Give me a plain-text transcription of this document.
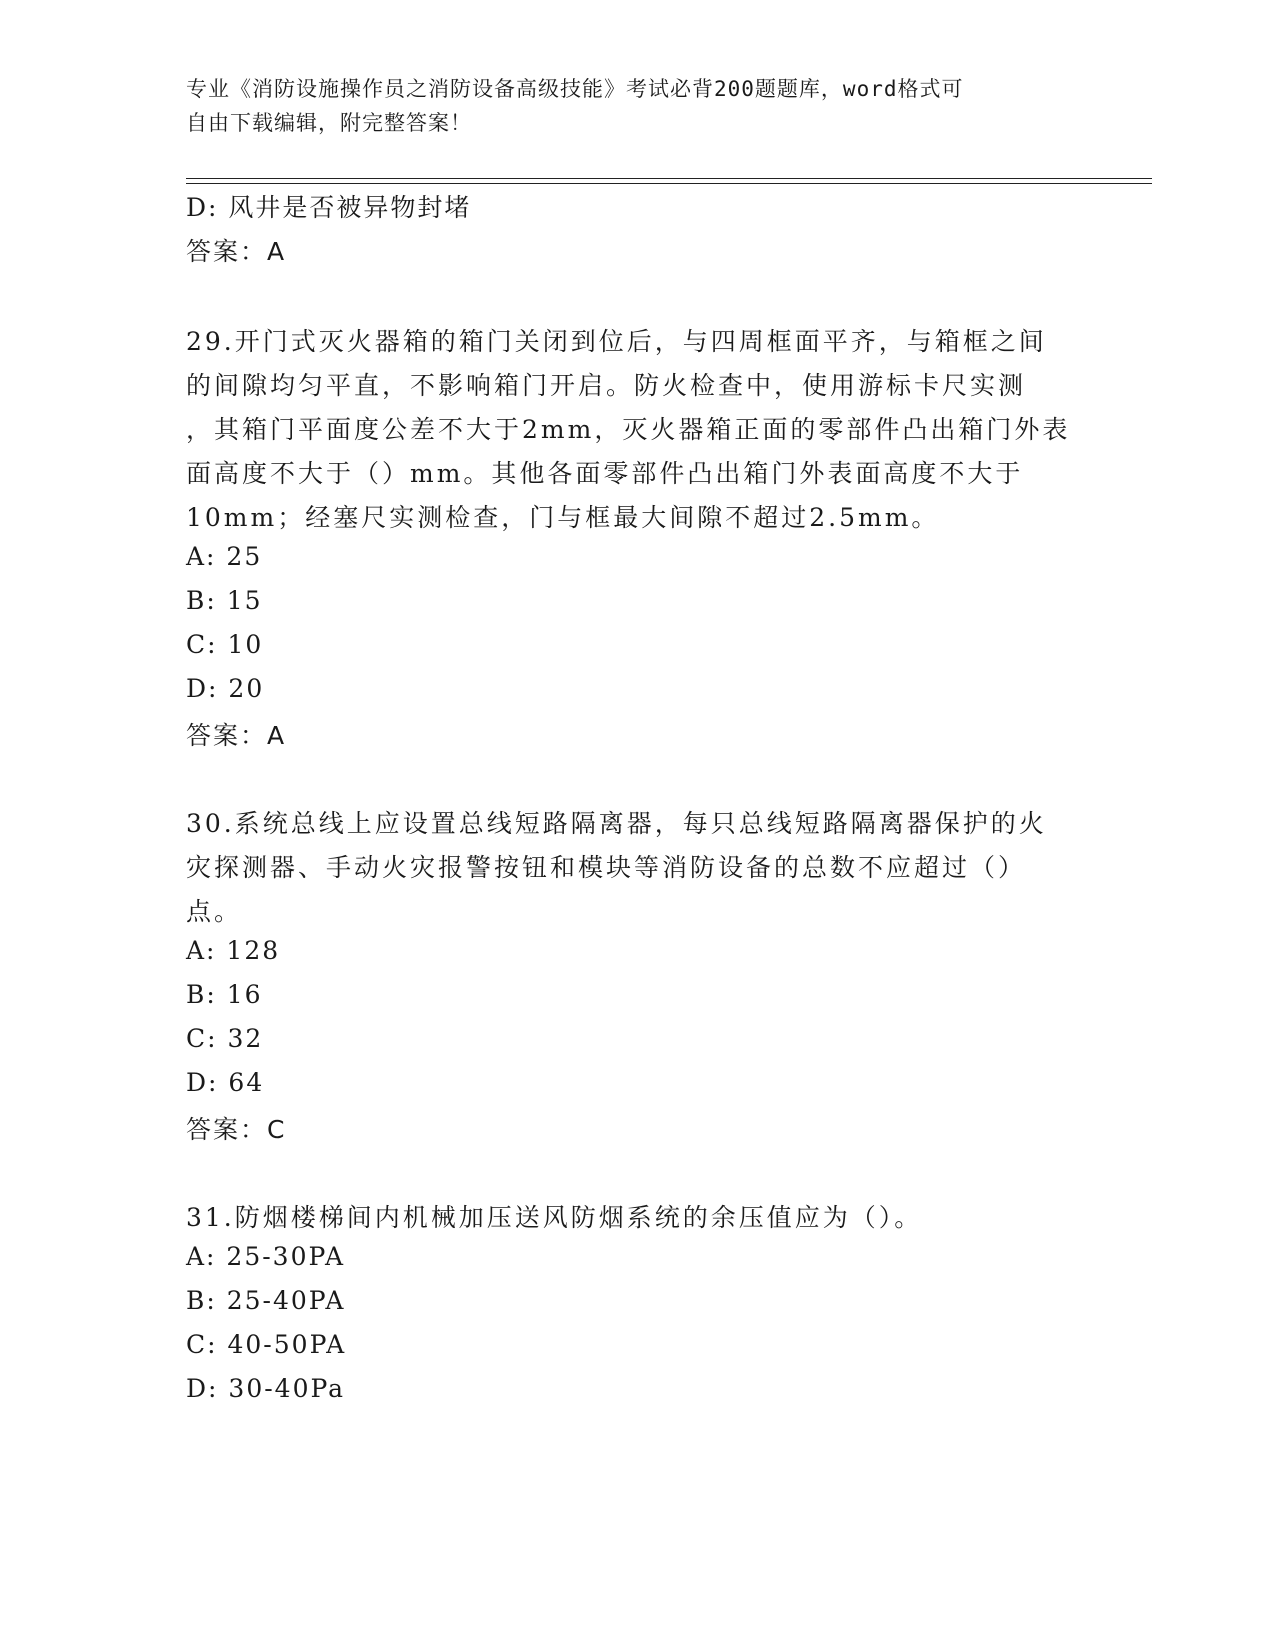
专业《消防设施操作员之消防设备高级技能》考试必背200题题库，word格式可
自由下载编辑，附完整答案！
D: 风井是否被异物封堵
答案：A
29.开门式灭火器箱的箱门关闭到位后，与四周框面平齐，与箱框之间
的间隙均匀平直，不影响箱门开启。防火检查中，使用游标卡尺实测
，其箱门平面度公差不大于2mm，灭火器箱正面的零部件凸出箱门外表
面高度不大于（）mm。其他各面零部件凸出箱门外表面高度不大于
10mm；经塞尺实测检查，门与框最大间隙不超过2.5mm。
A: 25
B: 15
C: 10
D: 20
答案：A
30.系统总线上应设置总线短路隔离器，每只总线短路隔离器保护的火
灾探测器、手动火灾报警按钮和模块等消防设备的总数不应超过（）
点。
A: 128
B: 16
C: 32
D: 64
答案：C
31.防烟楼梯间内机械加压送风防烟系统的余压值应为（）。
A: 25-30PA
B: 25-40PA
C: 40-50PA
D: 30-40Pa
